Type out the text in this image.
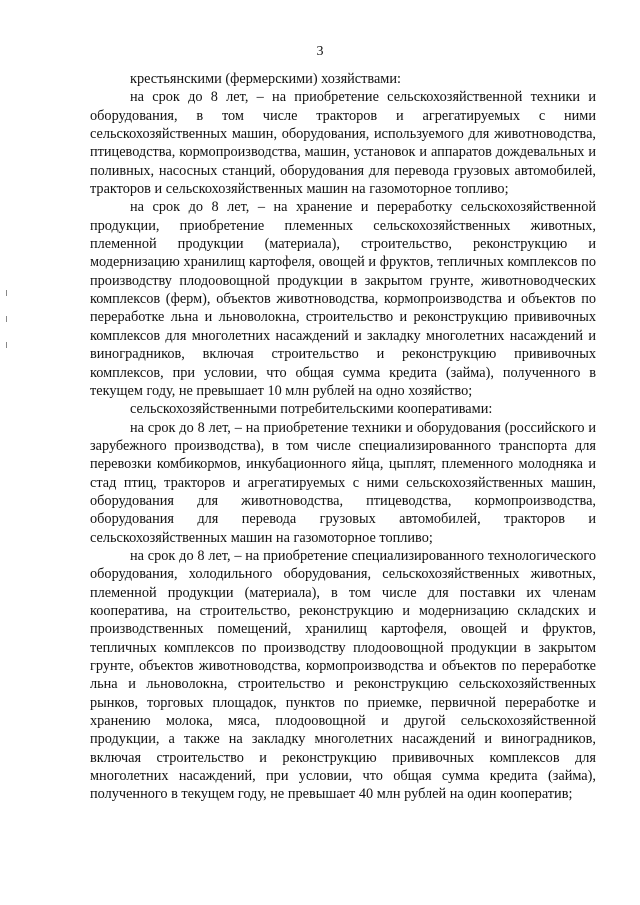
3

крестьянскими (фермерскими) хозяйствами:

на срок до 8 лет, – на приобретение сельскохозяйственной техники и оборудования, в том числе тракторов и агрегатируемых с ними сельскохозяйственных машин, оборудования, используемого для животноводства, птицеводства, кормопроизводства, машин, установок и аппаратов дождевальных и поливных, насосных станций, оборудования для перевода грузовых автомобилей, тракторов и сельскохозяйственных машин на газомоторное топливо;

на срок до 8 лет, – на хранение и переработку сельскохозяйственной продукции, приобретение племенных сельскохозяйственных животных, племенной продукции (материала), строительство, реконструкцию и модернизацию хранилищ картофеля, овощей и фруктов, тепличных комплексов по производству плодоовощной продукции в закрытом грунте, животноводческих комплексов (ферм), объектов животноводства, кормопроизводства и объектов по переработке льна и льноволокна, строительство и реконструкцию прививочных комплексов для многолетних насаждений и закладку многолетних насаждений и виноградников, включая строительство и реконструкцию прививочных комплексов, при условии, что общая сумма кредита (займа), полученного в текущем году, не превышает 10 млн рублей на одно хозяйство;

сельскохозяйственными потребительскими кооперативами:

на срок до 8 лет, – на приобретение техники и оборудования (российского и зарубежного производства), в том числе специализированного транспорта для перевозки комбикормов, инкубационного яйца, цыплят, племенного молодняка и стад птиц, тракторов и агрегатируемых с ними сельскохозяйственных машин, оборудования для животноводства, птицеводства, кормопроизводства, оборудования для перевода грузовых автомобилей, тракторов и сельскохозяйственных машин на газомоторное топливо;

на срок до 8 лет, – на приобретение специализированного технологического оборудования, холодильного оборудования, сельскохозяйственных животных, племенной продукции (материала), в том числе для поставки их членам кооператива, на строительство, реконструкцию и модернизацию складских и производственных помещений, хранилищ картофеля, овощей и фруктов, тепличных комплексов по производству плодоовощной продукции в закрытом грунте, объектов животноводства, кормопроизводства и объектов по переработке льна и льноволокна, строительство и реконструкцию сельскохозяйственных рынков, торговых площадок, пунктов по приемке, первичной переработке и хранению молока, мяса, плодоовощной и другой сельскохозяйственной продукции, а также на закладку многолетних насаждений и виноградников, включая строительство и реконструкцию прививочных комплексов для многолетних насаждений, при условии, что общая сумма кредита (займа), полученного в текущем году, не превышает 40 млн рублей на один кооператив;
